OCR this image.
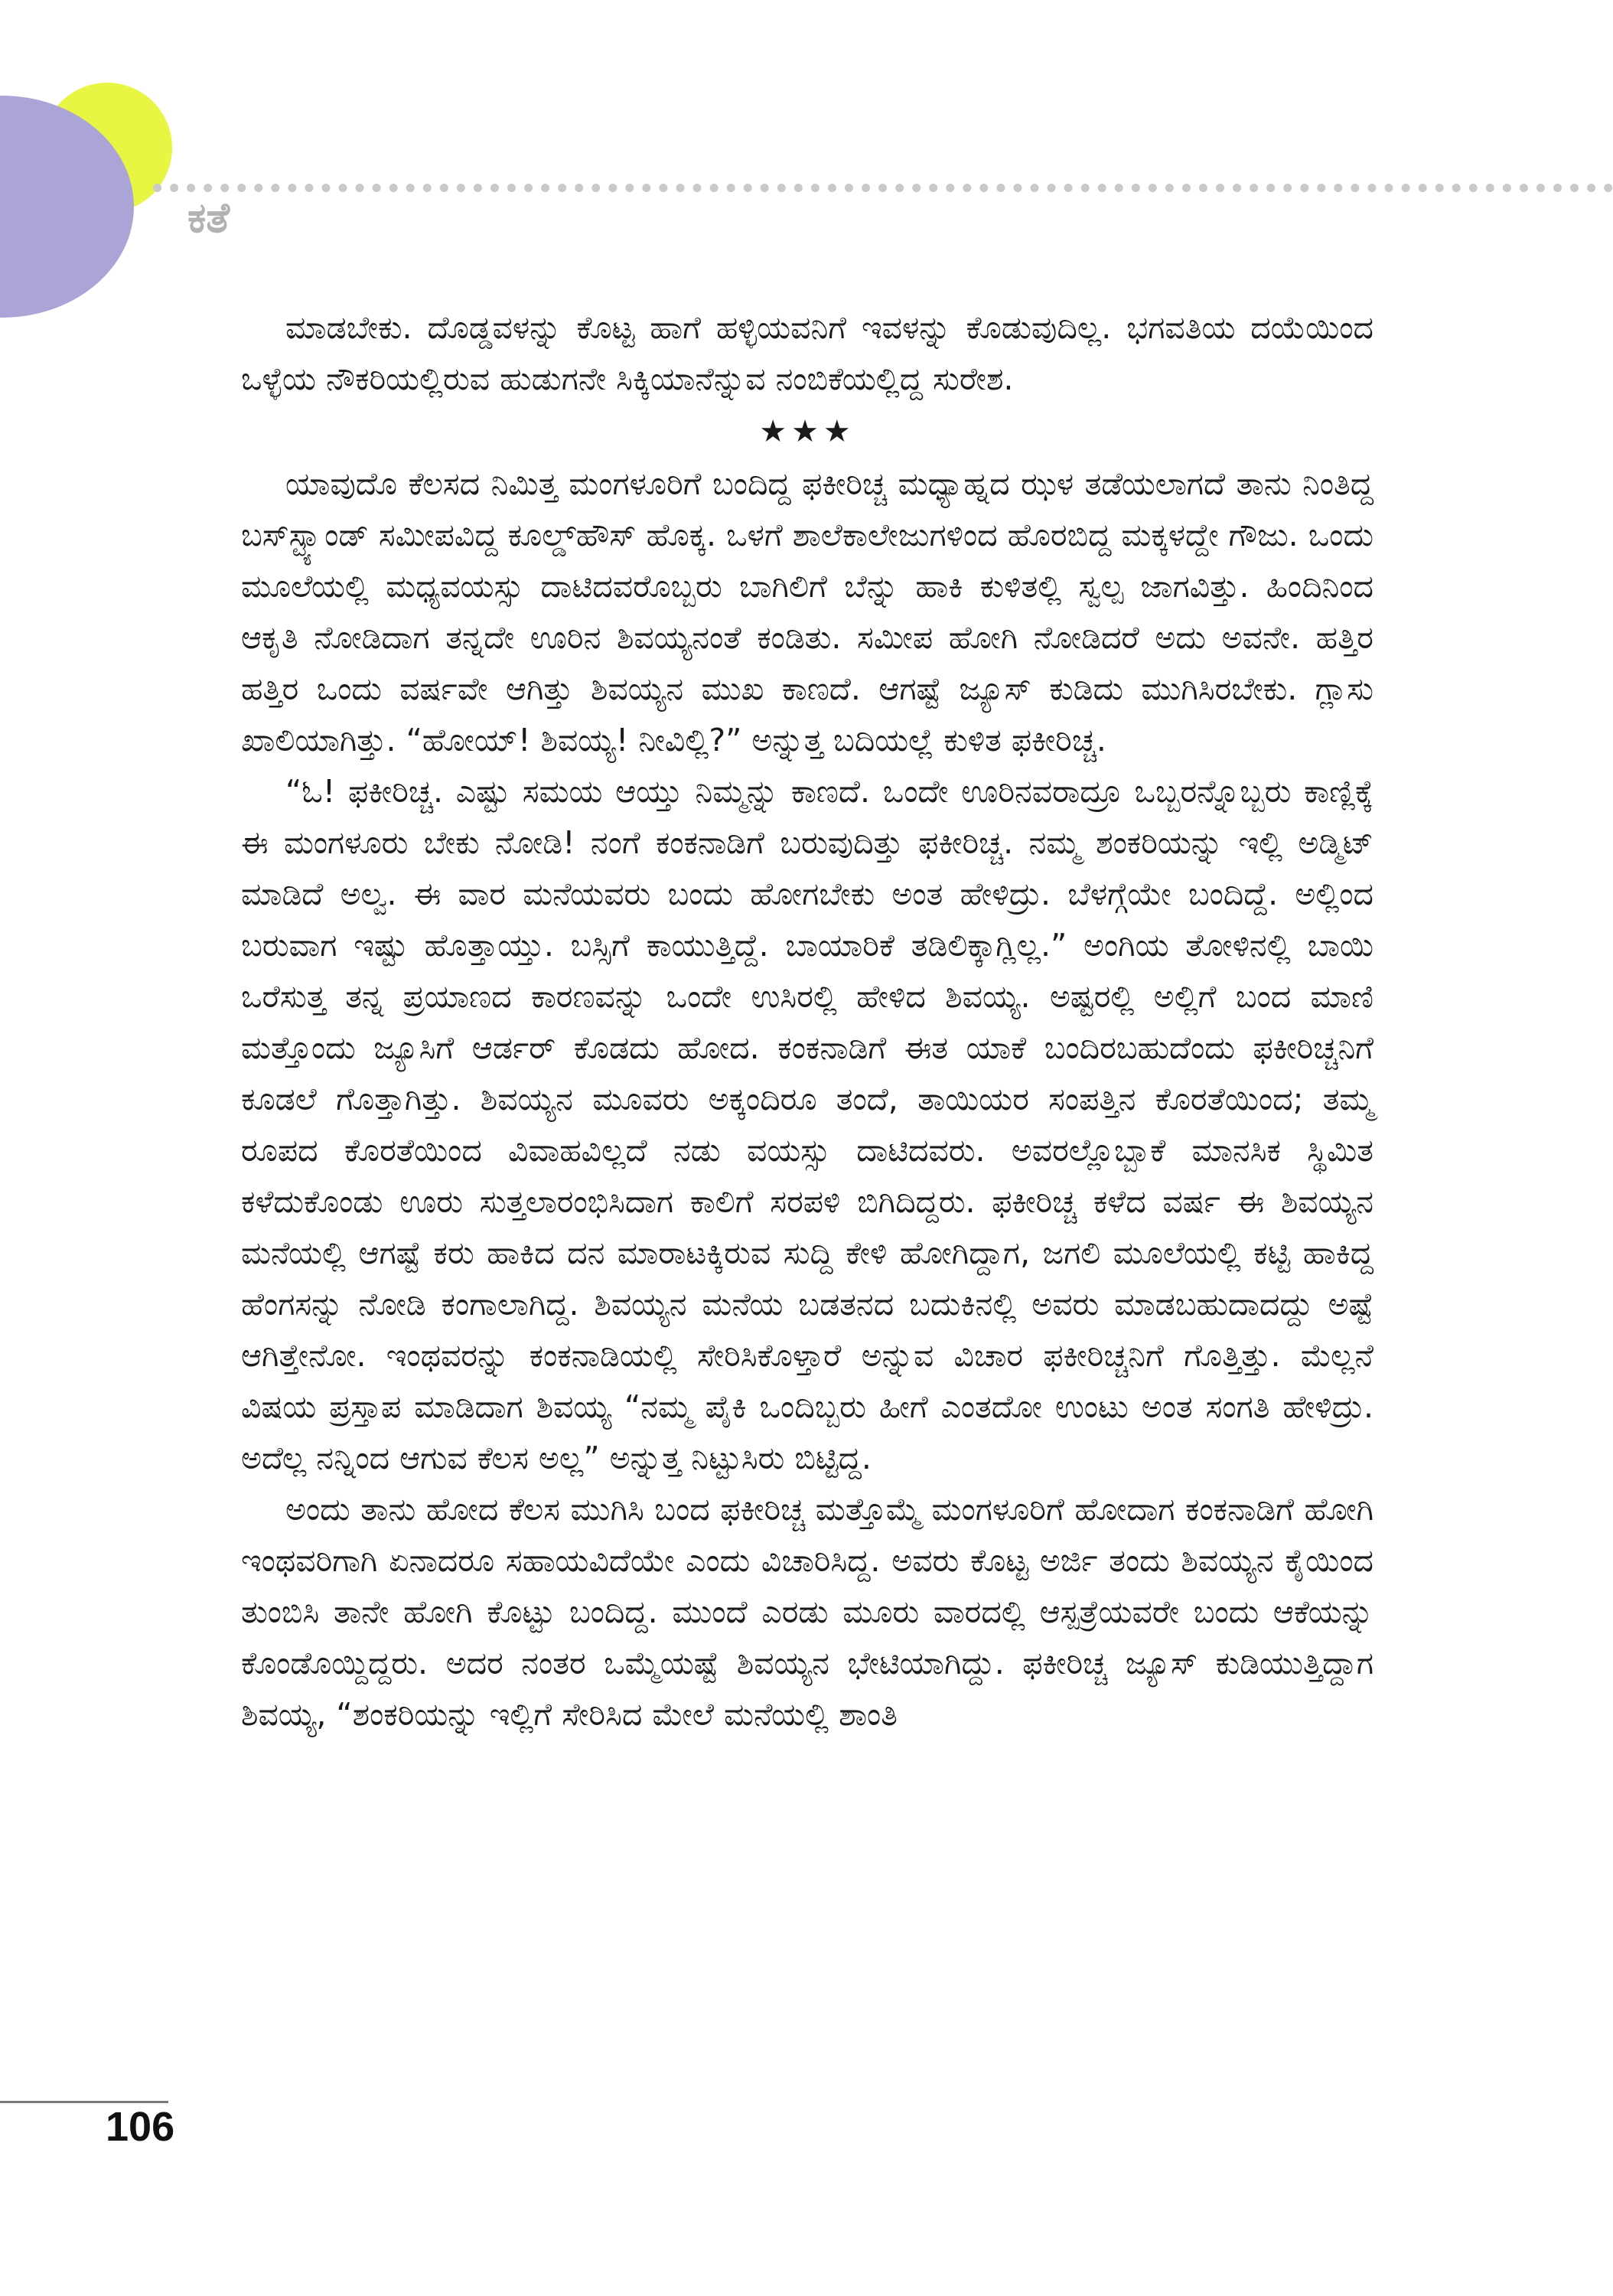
ಕತೆ

ಮಾಡಬೇಕು. ದೊಡ್ಡವಳನ್ನು ಕೊಟ್ಟ ಹಾಗೆ ಹಳ್ಳಿಯವನಿಗೆ ಇವಳನ್ನು ಕೊಡುವುದಿಲ್ಲ. ಭಗವತಿಯ ದಯೆಯಿಂದ ಒಳ್ಳೆಯ ನೌಕರಿಯಲ್ಲಿರುವ ಹುಡುಗನೇ ಸಿಕ್ಕಿಯಾನೆನ್ನುವ ನಂಬಿಕೆಯಲ್ಲಿದ್ದ ಸುರೇಶ.

★★★

ಯಾವುದೊ ಕೆಲಸದ ನಿಮಿತ್ತ ಮಂಗಳೂರಿಗೆ ಬಂದಿದ್ದ ಫಕೀರಿಚ್ಚ ಮಧ್ಯಾಹ್ನದ ಝಳ ತಡೆಯಲಾಗದೆ ತಾನು ನಿಂತಿದ್ದ ಬಸ್‌ಸ್ಟ್ಯಾಂಡ್ ಸಮೀಪವಿದ್ದ ಕೂಲ್ಡ್‌ಹೌಸ್ ಹೊಕ್ಕ. ಒಳಗೆ ಶಾಲೆಕಾಲೇಜುಗಳಿಂದ ಹೊರಬಿದ್ದ ಮಕ್ಕಳದ್ದೇ ಗೌಜು. ಒಂದು ಮೂಲೆಯಲ್ಲಿ ಮಧ್ಯವಯಸ್ಸು ದಾಟಿದವರೊಬ್ಬರು ಬಾಗಿಲಿಗೆ ಬೆನ್ನು ಹಾಕಿ ಕುಳಿತಲ್ಲಿ ಸ್ವಲ್ಪ ಜಾಗವಿತ್ತು. ಹಿಂದಿನಿಂದ ಆಕೃತಿ ನೋಡಿದಾಗ ತನ್ನದೇ ಊರಿನ ಶಿವಯ್ಯನಂತೆ ಕಂಡಿತು. ಸಮೀಪ ಹೋಗಿ ನೋಡಿದರೆ ಅದು ಅವನೇ. ಹತ್ತಿರ ಹತ್ತಿರ ಒಂದು ವರ್ಷವೇ ಆಗಿತ್ತು ಶಿವಯ್ಯನ ಮುಖ ಕಾಣದೆ. ಆಗಷ್ಟೆ ಜ್ಯೂಸ್ ಕುಡಿದು ಮುಗಿಸಿರಬೇಕು. ಗ್ಲಾಸು ಖಾಲಿಯಾಗಿತ್ತು. “ಹೋಯ್! ಶಿವಯ್ಯ! ನೀವಿಲ್ಲಿ?” ಅನ್ನುತ್ತ ಬದಿಯಲ್ಲೆ ಕುಳಿತ ಫಕೀರಿಚ್ಚ.

“ಓ! ಫಕೀರಿಚ್ಚ. ಎಷ್ಟು ಸಮಯ ಆಯ್ತು ನಿಮ್ಮನ್ನು ಕಾಣದೆ. ಒಂದೇ ಊರಿನವರಾದ್ರೂ ಒಬ್ಬರನ್ನೊಬ್ಬರು ಕಾಣ್ಲಿಕ್ಕೆ ಈ ಮಂಗಳೂರು ಬೇಕು ನೋಡಿ! ನಂಗೆ ಕಂಕನಾಡಿಗೆ ಬರುವುದಿತ್ತು ಫಕೀರಿಚ್ಚ. ನಮ್ಮ ಶಂಕರಿಯನ್ನು ಇಲ್ಲಿ ಅಡ್ಮಿಟ್ ಮಾಡಿದೆ ಅಲ್ವ. ಈ ವಾರ ಮನೆಯವರು ಬಂದು ಹೋಗಬೇಕು ಅಂತ ಹೇಳಿದ್ರು. ಬೆಳಗ್ಗೆಯೇ ಬಂದಿದ್ದೆ. ಅಲ್ಲಿಂದ ಬರುವಾಗ ಇಷ್ಟು ಹೊತ್ತಾಯ್ತು. ಬಸ್ಸಿಗೆ ಕಾಯುತ್ತಿದ್ದೆ. ಬಾಯಾರಿಕೆ ತಡಿಲಿಕ್ಕಾಗ್ಲಿಲ್ಲ.” ಅಂಗಿಯ ತೋಳಿನಲ್ಲಿ ಬಾಯಿ ಒರೆಸುತ್ತ ತನ್ನ ಪ್ರಯಾಣದ ಕಾರಣವನ್ನು ಒಂದೇ ಉಸಿರಲ್ಲಿ ಹೇಳಿದ ಶಿವಯ್ಯ. ಅಷ್ಟರಲ್ಲಿ ಅಲ್ಲಿಗೆ ಬಂದ ಮಾಣಿ ಮತ್ತೊಂದು ಜ್ಯೂಸಿಗೆ ಆರ್ಡರ್ ಕೊಡದು ಹೋದ. ಕಂಕನಾಡಿಗೆ ಈತ ಯಾಕೆ ಬಂದಿರಬಹುದೆಂದು ಫಕೀರಿಚ್ಚನಿಗೆ ಕೂಡಲೆ ಗೊತ್ತಾಗಿತ್ತು. ಶಿವಯ್ಯನ ಮೂವರು ಅಕ್ಕಂದಿರೂ ತಂದೆ, ತಾಯಿಯರ ಸಂಪತ್ತಿನ ಕೊರತೆಯಿಂದ; ತಮ್ಮ ರೂಪದ ಕೊರತೆಯಿಂದ ವಿವಾಹವಿಲ್ಲದೆ ನಡು ವಯಸ್ಸು ದಾಟಿದವರು. ಅವರಲ್ಲೊಬ್ಬಾಕೆ ಮಾನಸಿಕ ಸ್ಥಿಮಿತ ಕಳೆದುಕೊಂಡು ಊರು ಸುತ್ತಲಾರಂಭಿಸಿದಾಗ ಕಾಲಿಗೆ ಸರಪಳಿ ಬಿಗಿದಿದ್ದರು. ಫಕೀರಿಚ್ಚ ಕಳೆದ ವರ್ಷ ಈ ಶಿವಯ್ಯನ ಮನೆಯಲ್ಲಿ ಆಗಷ್ಟೆ ಕರು ಹಾಕಿದ ದನ ಮಾರಾಟಕ್ಕಿರುವ ಸುದ್ದಿ ಕೇಳಿ ಹೋಗಿದ್ದಾಗ, ಜಗಲಿ ಮೂಲೆಯಲ್ಲಿ ಕಟ್ಟಿ ಹಾಕಿದ್ದ ಹೆಂಗಸನ್ನು ನೋಡಿ ಕಂಗಾಲಾಗಿದ್ದ. ಶಿವಯ್ಯನ ಮನೆಯ ಬಡತನದ ಬದುಕಿನಲ್ಲಿ ಅವರು ಮಾಡಬಹುದಾದದ್ದು ಅಷ್ಟೆ ಆಗಿತ್ತೇನೋ. ಇಂಥವರನ್ನು ಕಂಕನಾಡಿಯಲ್ಲಿ ಸೇರಿಸಿಕೊಳ್ತಾರೆ ಅನ್ನುವ ವಿಚಾರ ಫಕೀರಿಚ್ಚನಿಗೆ ಗೊತ್ತಿತ್ತು. ಮೆಲ್ಲನೆ ವಿಷಯ ಪ್ರಸ್ತಾಪ ಮಾಡಿದಾಗ ಶಿವಯ್ಯ “ನಮ್ಮ ಪೈಕಿ ಒಂದಿಬ್ಬರು ಹೀಗೆ ಎಂತದೋ ಉಂಟು ಅಂತ ಸಂಗತಿ ಹೇಳಿದ್ರು. ಅದೆಲ್ಲ ನನ್ನಿಂದ ಆಗುವ ಕೆಲಸ ಅಲ್ಲ” ಅನ್ನುತ್ತ ನಿಟ್ಟುಸಿರು ಬಿಟ್ಟಿದ್ದ.

ಅಂದು ತಾನು ಹೋದ ಕೆಲಸ ಮುಗಿಸಿ ಬಂದ ಫಕೀರಿಚ್ಚ ಮತ್ತೊಮ್ಮೆ ಮಂಗಳೂರಿಗೆ ಹೋದಾಗ ಕಂಕನಾಡಿಗೆ ಹೋಗಿ ಇಂಥವರಿಗಾಗಿ ಏನಾದರೂ ಸಹಾಯವಿದೆಯೇ ಎಂದು ವಿಚಾರಿಸಿದ್ದ. ಅವರು ಕೊಟ್ಟ ಅರ್ಜಿ ತಂದು ಶಿವಯ್ಯನ ಕೈಯಿಂದ ತುಂಬಿಸಿ ತಾನೇ ಹೋಗಿ ಕೊಟ್ಟು ಬಂದಿದ್ದ. ಮುಂದೆ ಎರಡು ಮೂರು ವಾರದಲ್ಲಿ ಆಸ್ಪತ್ರೆಯವರೇ ಬಂದು ಆಕೆಯನ್ನು ಕೊಂಡೊಯ್ದಿದ್ದರು. ಅದರ ನಂತರ ಒಮ್ಮೆಯಷ್ಟೆ ಶಿವಯ್ಯನ ಭೇಟಿಯಾಗಿದ್ದು. ಫಕೀರಿಚ್ಚ ಜ್ಯೂಸ್ ಕುಡಿಯುತ್ತಿದ್ದಾಗ ಶಿವಯ್ಯ, “ಶಂಕರಿಯನ್ನು ಇಲ್ಲಿಗೆ ಸೇರಿಸಿದ ಮೇಲೆ ಮನೆಯಲ್ಲಿ ಶಾಂತಿ

106
